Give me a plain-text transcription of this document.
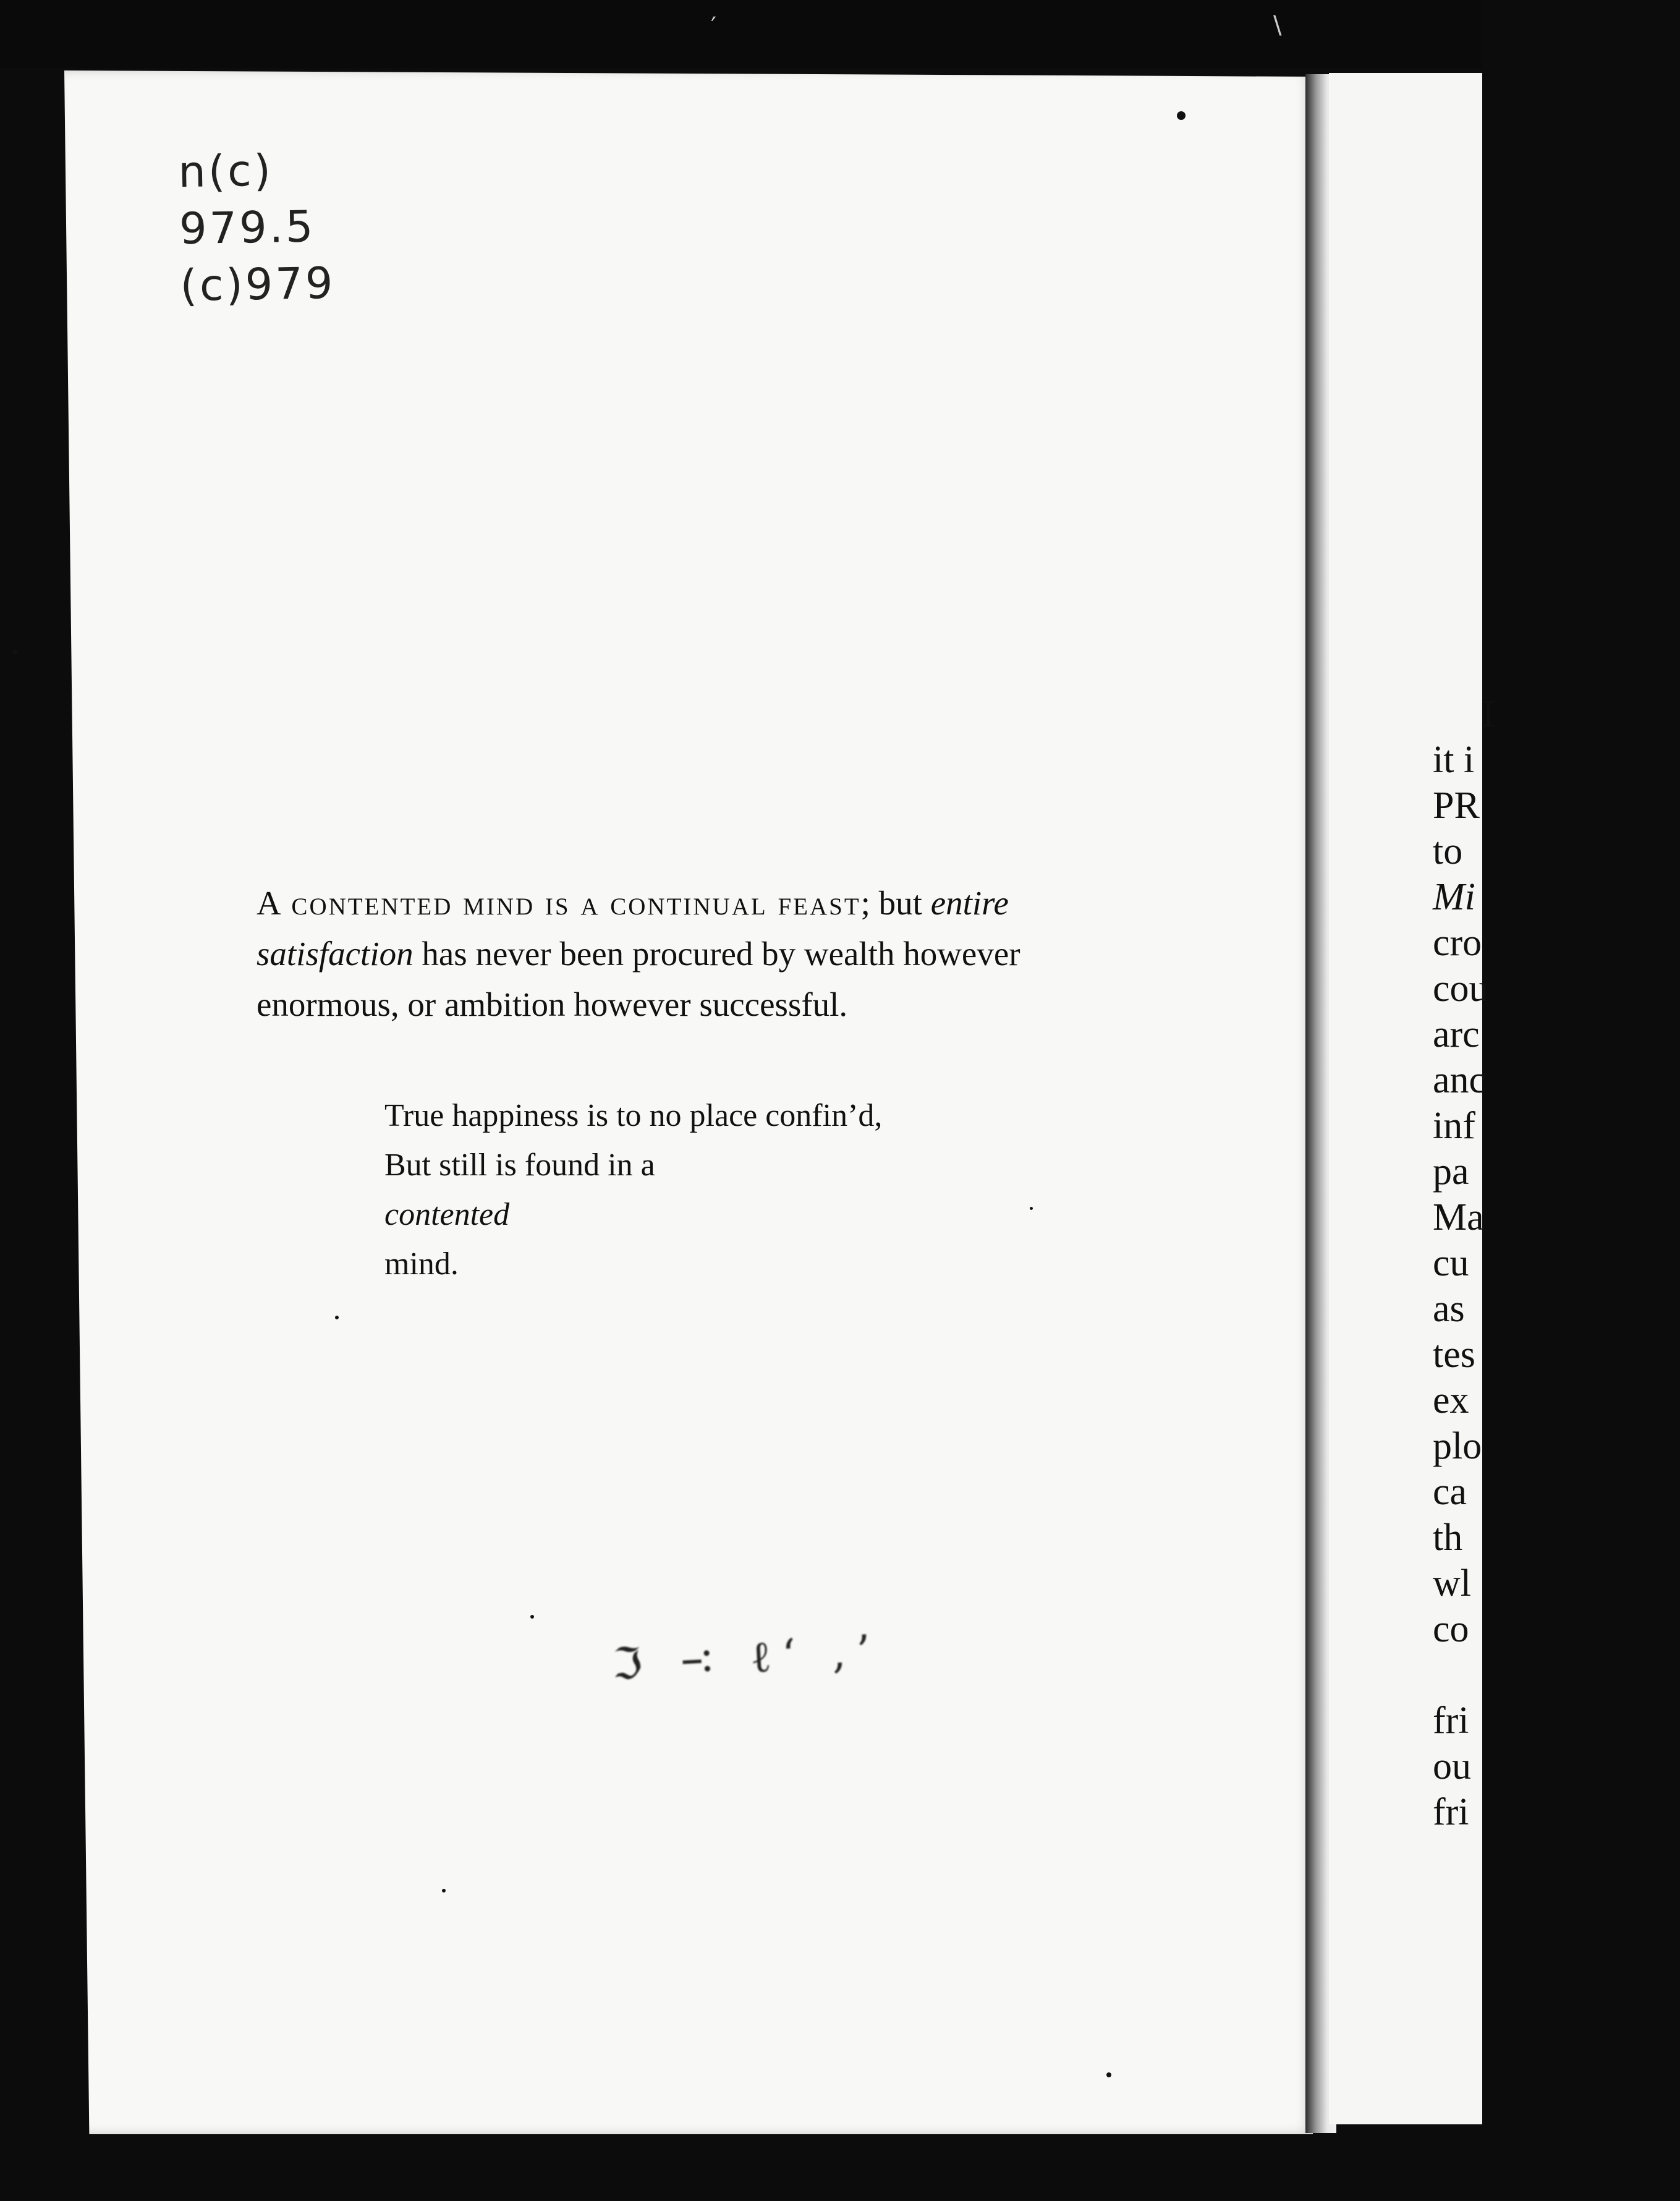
′	\
I
it i
PR
to
Mi
cro
cou
arc
anc
inf
pa
Ma
cu
as
tes
ex
plo
ca
th
wl
co

fri
ou
fri
n(c)
979.5
(c)979
A contented mind is a continual feast; but entire
satisfaction has never been procured by wealth however
enormous, or ambition however successful.
True happiness is to no place confin’d,
But still is found in a
contented
mind.
ℑ ∹ ℓ‘ ,’
